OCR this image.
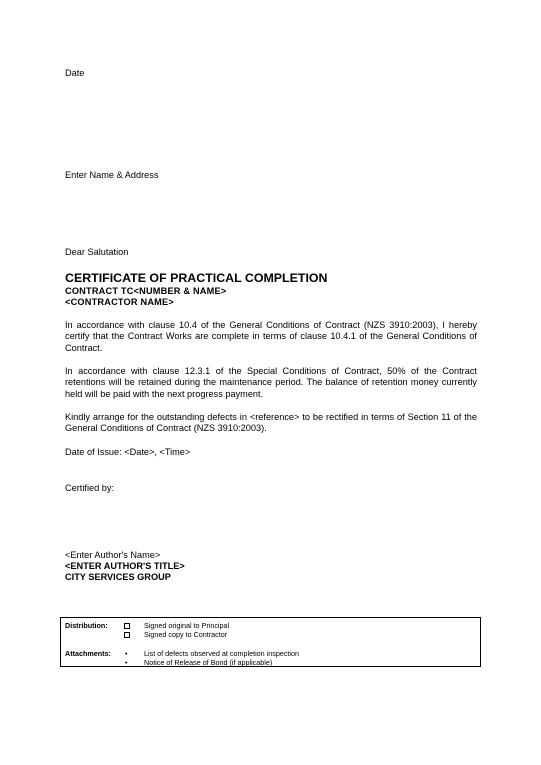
Date
Enter Name & Address
Dear Salutation
CERTIFICATE OF PRACTICAL COMPLETION
CONTRACT TC<NUMBER & NAME>
<CONTRACTOR NAME>
In accordance with clause 10.4 of the General Conditions of Contract (NZS 3910:2003), I hereby certify that the Contract Works are complete in terms of clause 10.4.1 of the General Conditions of Contract.
In accordance with clause 12.3.1 of the Special Conditions of Contract, 50% of the Contract retentions will be retained during the maintenance period. The balance of retention money currently held will be paid with the next progress payment.
Kindly arrange for the outstanding defects in <reference> to be rectified in terms of Section 11 of the General Conditions of Contract (NZS 3910:2003).
Date of Issue: <Date>, <Time>
Certified by:
<Enter Author's Name>
<ENTER AUTHOR'S TITLE>
CITY SERVICES GROUP
Distribution:	Signed original to Principal
Signed copy to Contractor
Attachments: • List of defects observed at completion inspection
• Notice of Release of Bond (if applicable)
